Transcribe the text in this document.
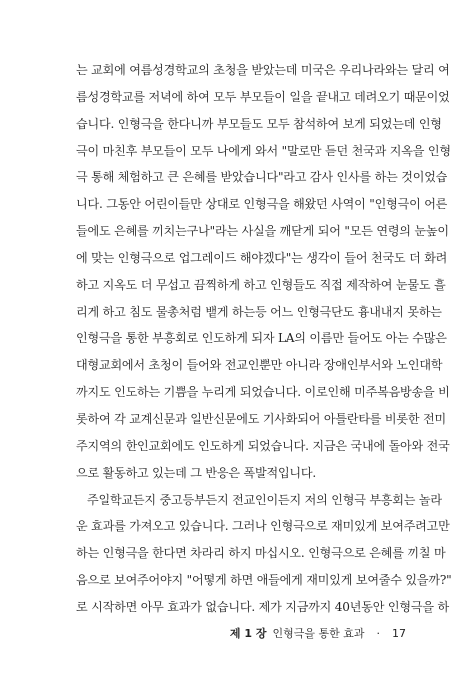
는 교회에 여름성경학교의 초청을 받았는데 미국은 우리나라와는 달리 여
름성경학교를 저녁에 하여 모두 부모들이 일을 끝내고 데려오기 때문이었
습니다. 인형극을 한다니까 부모들도 모두 참석하여 보게 되었는데 인형
극이 마친후 부모들이 모두 나에게 와서 "말로만 듣던 천국과 지옥을 인형
극 통해 체험하고 큰 은혜를 받았습니다"라고 감사 인사를 하는 것이었습
니다. 그동안 어린이들만 상대로 인형극을 해왔던 사역이 "인형극이 어른
들에도 은혜를 끼치는구나"라는 사실을 깨닫게 되어 "모든 연령의 눈높이
에 맞는 인형극으로 업그레이드 해야겠다"는 생각이 들어 천국도 더 화려
하고 지옥도 더 무섭고 끔찍하게 하고 인형들도 직접 제작하여 눈물도 흘
리게 하고 침도 물총처럼 뱉게 하는등 어느 인형극단도 흉내내지 못하는
인형극을 통한 부흥회로 인도하게 되자 LA의 이름만 들어도 아는 수많은
대형교회에서 초청이 들어와 전교인뿐만 아니라 장애인부서와 노인대학
까지도 인도하는 기쁨을 누리게 되었습니다. 이로인해 미주복음방송을 비
롯하여 각 교계신문과 일반신문에도 기사화되어 아틀란타를 비롯한 전미
주지역의 한인교회에도 인도하게 되었습니다. 지금은 국내에 돌아와 전국
으로 활동하고 있는데 그 반응은 폭발적입니다.
주일학교든지 중고등부든지 전교인이든지 저의 인형극 부흥회는 놀라
운 효과를 가져오고 있습니다. 그러나 인형극으로 재미있게 보여주려고만
하는 인형극을 한다면 차라리 하지 마십시오. 인형극으로 은혜를 끼칠 마
음으로 보여주어야지 "어떻게 하면 애들에게 재미있게 보여줄수 있을까?"
로 시작하면 아무 효과가 없습니다. 제가 지금까지 40년동안 인형극을 하
제 1 장 인형극을 통한 효과 · 17
